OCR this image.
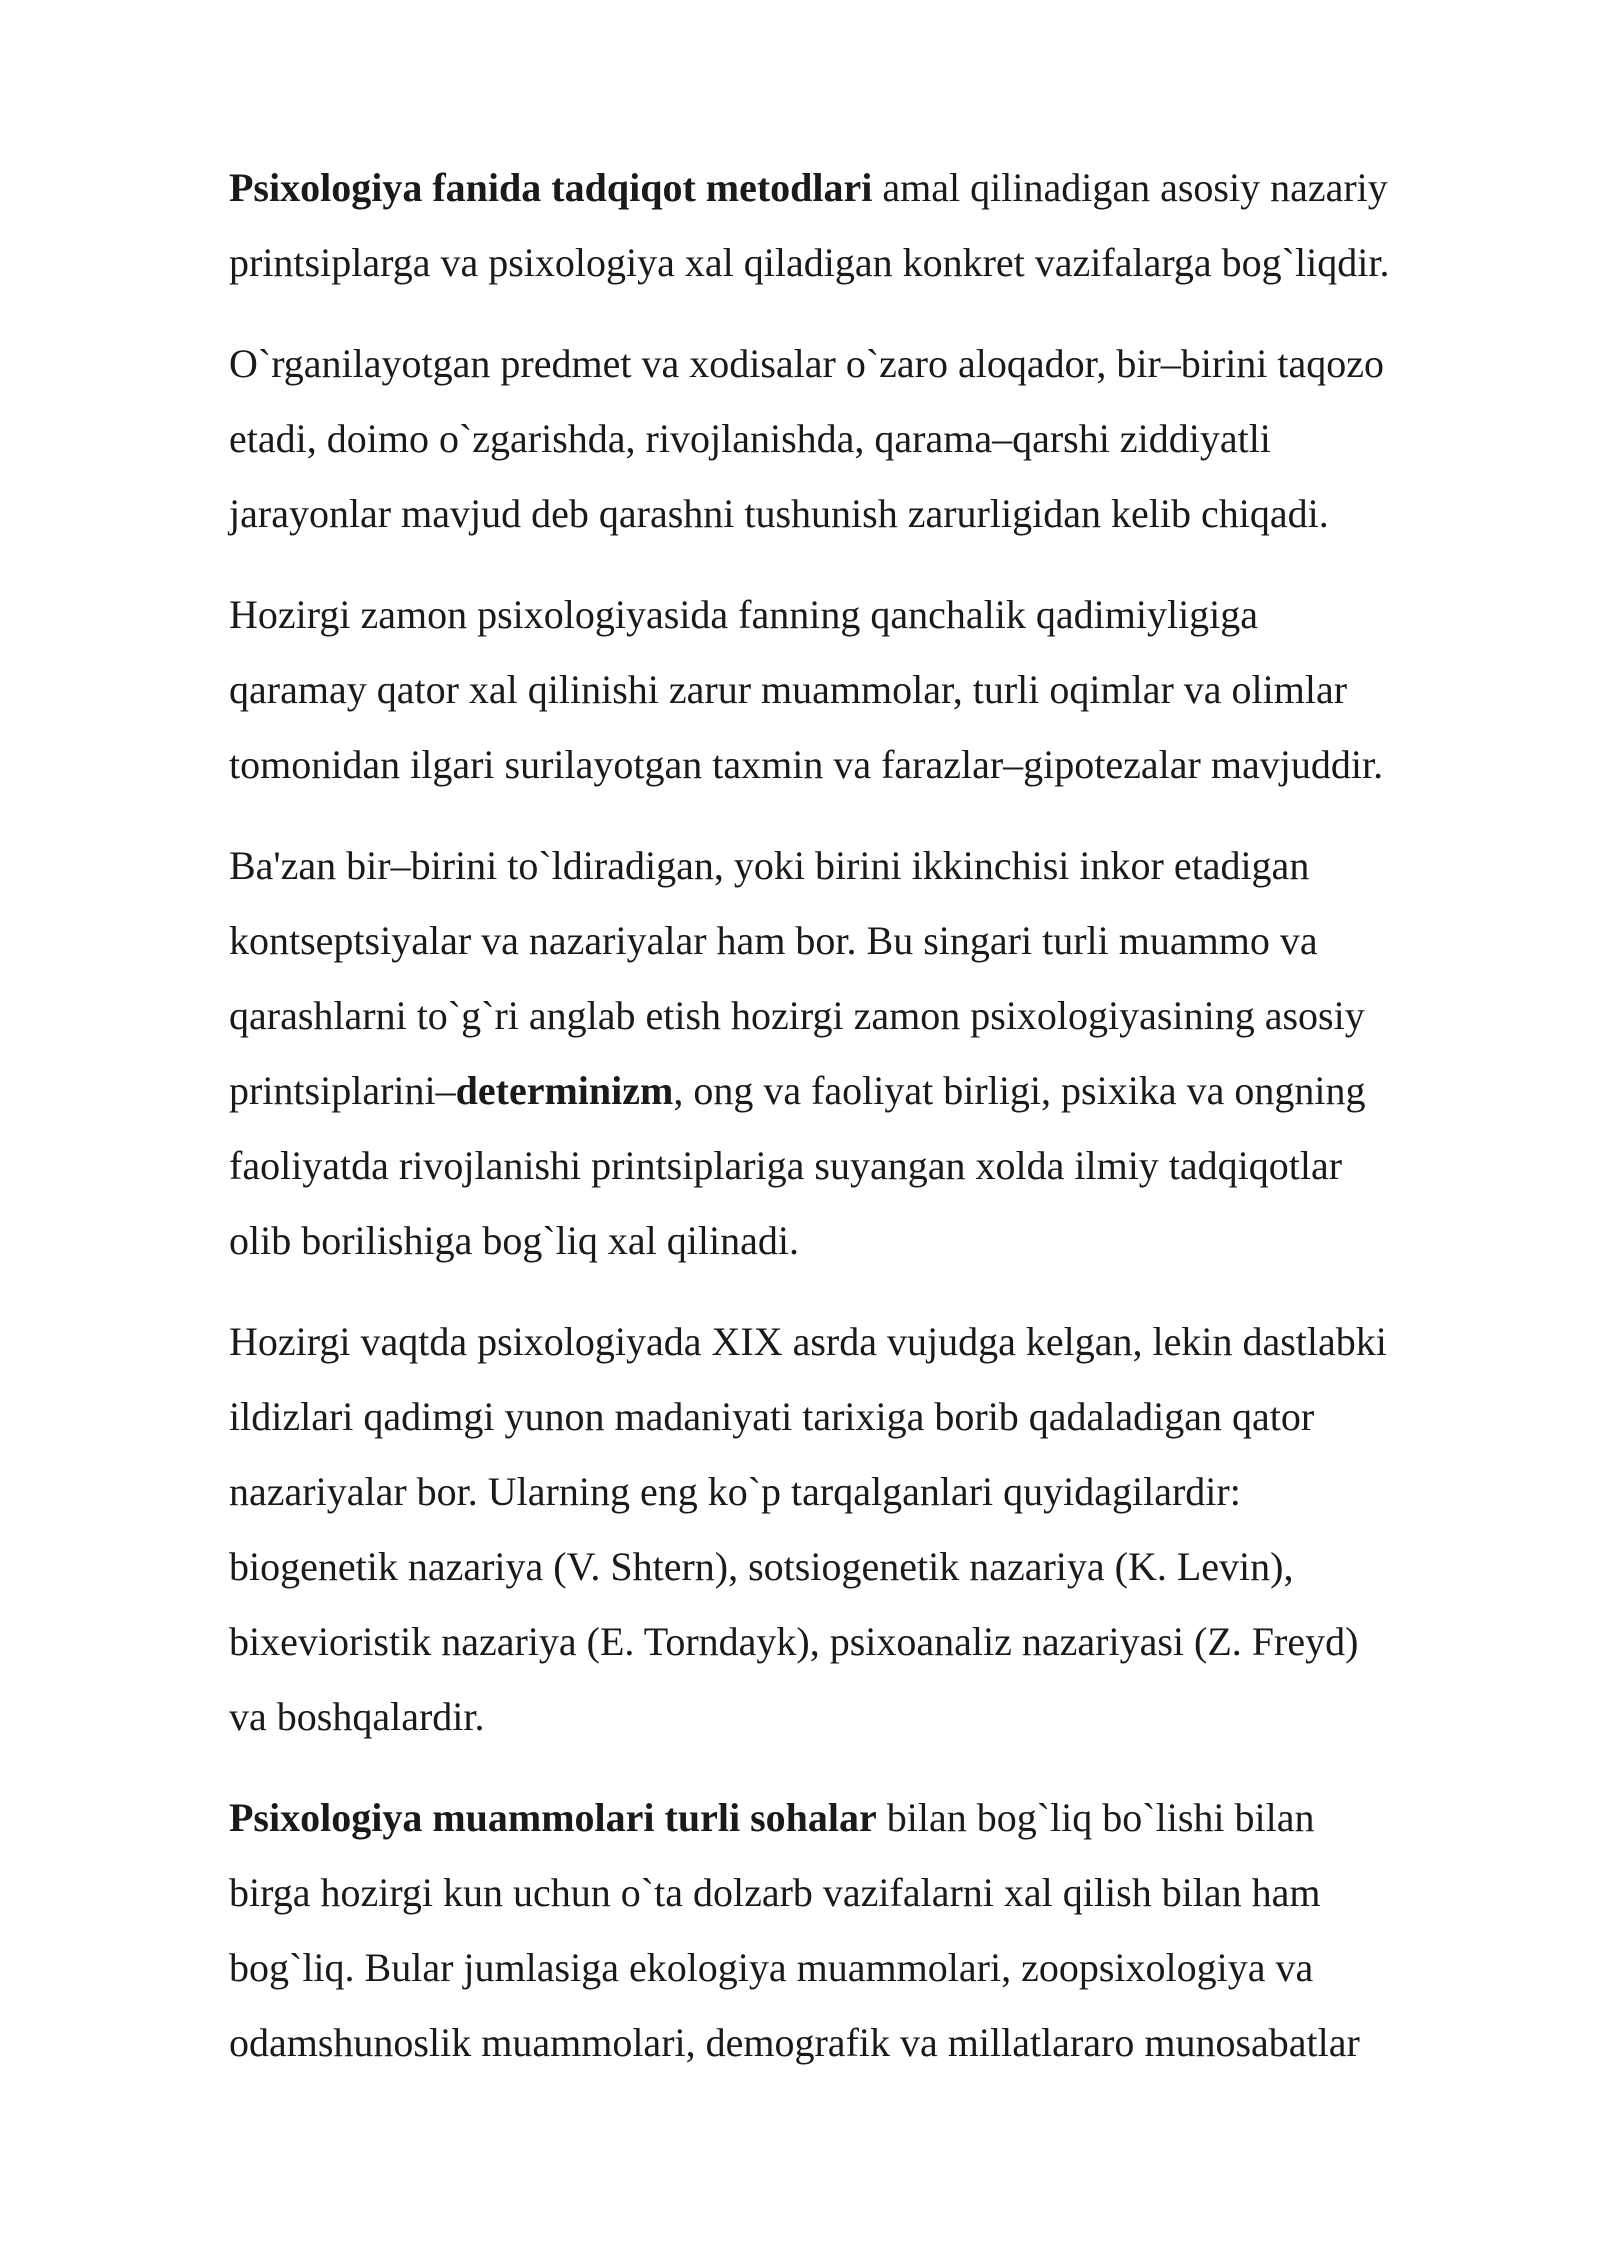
Psixologiya fanida tadqiqot metodlari amal qilinadigan asosiy nazariy
printsiplarga va psixologiya xal qiladigan konkret vazifalarga bog`liqdir.
O`rganilayotgan predmet va xodisalar o`zaro aloqador, bir–birini taqozo
etadi, doimo o`zgarishda, rivojlanishda, qarama–qarshi ziddiyatli
jarayonlar mavjud deb qarashni tushunish zarurligidan kelib chiqadi.
Hozirgi zamon psixologiyasida fanning qanchalik qadimiyligiga
qaramay qator xal qilinishi zarur muammolar, turli oqimlar va olimlar
tomonidan ilgari surilayotgan taxmin va farazlar–gipotezalar mavjuddir.
Ba'zan bir–birini to`ldiradigan, yoki birini ikkinchisi inkor etadigan
kontseptsiyalar va nazariyalar ham bor. Bu singari turli muammo va
qarashlarni to`g`ri anglab etish hozirgi zamon psixologiyasining asosiy
printsiplarini–determinizm, ong va faoliyat birligi, psixika va ongning
faoliyatda rivojlanishi printsiplariga suyangan xolda ilmiy tadqiqotlar
olib borilishiga bog`liq xal qilinadi.
Hozirgi vaqtda psixologiyada XIX asrda vujudga kelgan, lekin dastlabki
ildizlari qadimgi yunon madaniyati tarixiga borib qadaladigan qator
nazariyalar bor. Ularning eng ko`p tarqalganlari quyidagilardir:
biogenetik nazariya (V. Shtern), sotsiogenetik nazariya (K. Levin),
bixevioristik nazariya (E. Torndayk), psixoanaliz nazariyasi (Z. Freyd)
va boshqalardir.
Psixologiya muammolari turli sohalar bilan bog`liq bo`lishi bilan
birga hozirgi kun uchun o`ta dolzarb vazifalarni xal qilish bilan ham
bog`liq. Bular jumlasiga ekologiya muammolari, zoopsixologiya va
odamshunoslik muammolari, demografik va millatlararo munosabatlar
